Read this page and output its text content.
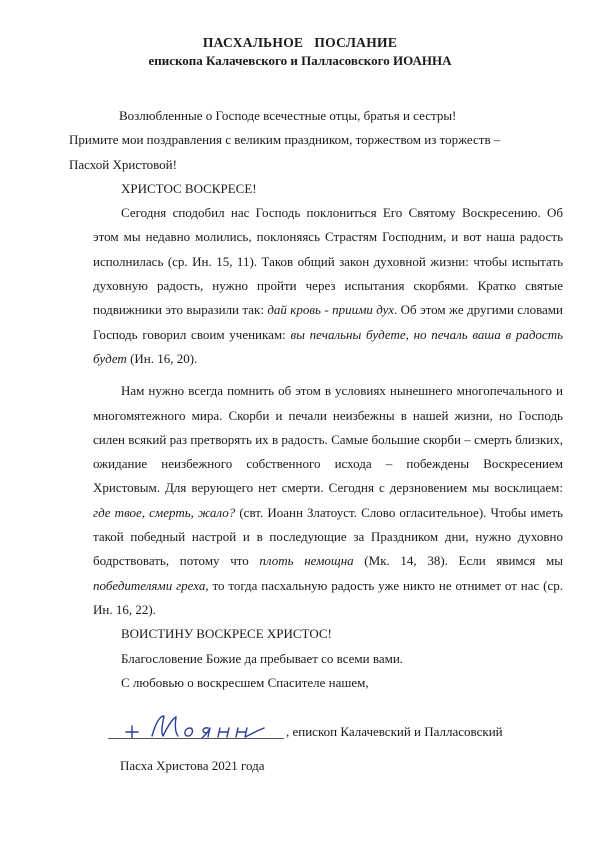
ПАСХАЛЬНОЕ   ПОСЛАНИЕ
епископа Калачевского и Палласовского ИОАННА

Возлюбленные о Господе всечестные отцы, братья и сестры!

Примите мои поздравления с великим праздником, торжеством из торжеств –

Пасхой Христовой!

ХРИСТОС ВОСКРЕСЕ!

Сегодня сподобил нас Господь поклониться Его Святому Воскресению. Об этом мы недавно молились, поклоняясь Страстям Господним, и вот наша радость исполнилась (ср. Ин. 15, 11). Таков общий закон духовной жизни: чтобы испытать духовную радость, нужно пройти через испытания скорбями. Кратко святые подвижники это выразили так: дай кровь - приими дух. Об этом же другими словами Господь говорил своим ученикам: вы печальны будете, но печаль ваша в радость будет (Ин. 16, 20).

Нам нужно всегда помнить об этом в условиях нынешнего многопечального и многомятежного мира. Скорби и печали неизбежны в нашей жизни, но Господь силен всякий раз претворять их в радость. Самые большие скорби – смерть близких, ожидание неизбежного собственного исхода – побеждены Воскресением Христовым. Для верующего нет смерти. Сегодня с дерзновением мы восклицаем: где твое, смерть, жало? (свт. Иоанн Златоуст. Слово огласительное). Чтобы иметь такой победный настрой и в последующие за Праздником дни, нужно духовно бодрствовать, потому что плоть немощна (Мк. 14, 38). Если явимся мы победителями греха, то тогда пасхальную радость уже никто не отнимет от нас (ср. Ин. 16, 22).

ВОИСТИНУ ВОСКРЕСЕ ХРИСТОС!

Благословение Божие да пребывает со всеми вами.

С любовью о воскресшем Спасителе нашем,

, епископ Калачевский и Палласовский
Пасха Христова 2021 года
